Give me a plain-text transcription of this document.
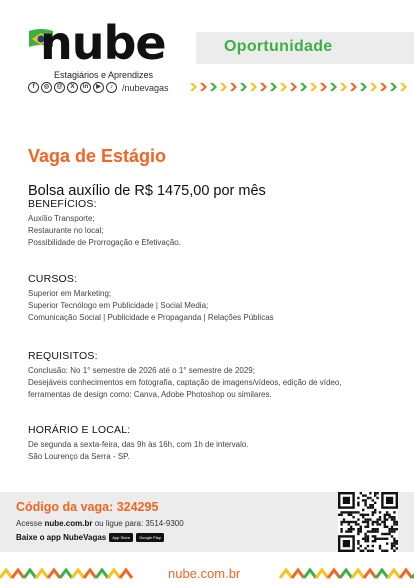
nube
Estagiários e Aprendizes
f	◎	@	X	in	▶	♪	/nubevagas
Oportunidade
Vaga de Estágio
Bolsa auxílio de R$ 1475,00 por mês
BENEFÍCIOS:
Auxílio Transporte;
Restaurante no local;
Possibilidade de Prorrogação e Efetivação.
CURSOS:
Superior em Marketing;
Superior Tecnólogo em Publicidade | Social Media;
Comunicação Social | Publicidade e Propaganda | Relações Públicas
REQUISITOS:
Conclusão: No 1° semestre de 2026 até o 1° semestre de 2029;
Desejáveis conhecimentos em fotografia, captação de imagens/vídeos, edição de vídeo,
ferramentas de design como: Canva, Adobe Photoshop ou similares.
HORÁRIO E LOCAL:
De segunda a sexta-feira, das 9h às 16h, com 1h de intervalo.
São Lourenço da Serra - SP.
Código da vaga: 324295
Acesse nube.com.br ou ligue para: 3514-9300
Baixe o app NubeVagas	App Store	Google Play
nube.com.br
